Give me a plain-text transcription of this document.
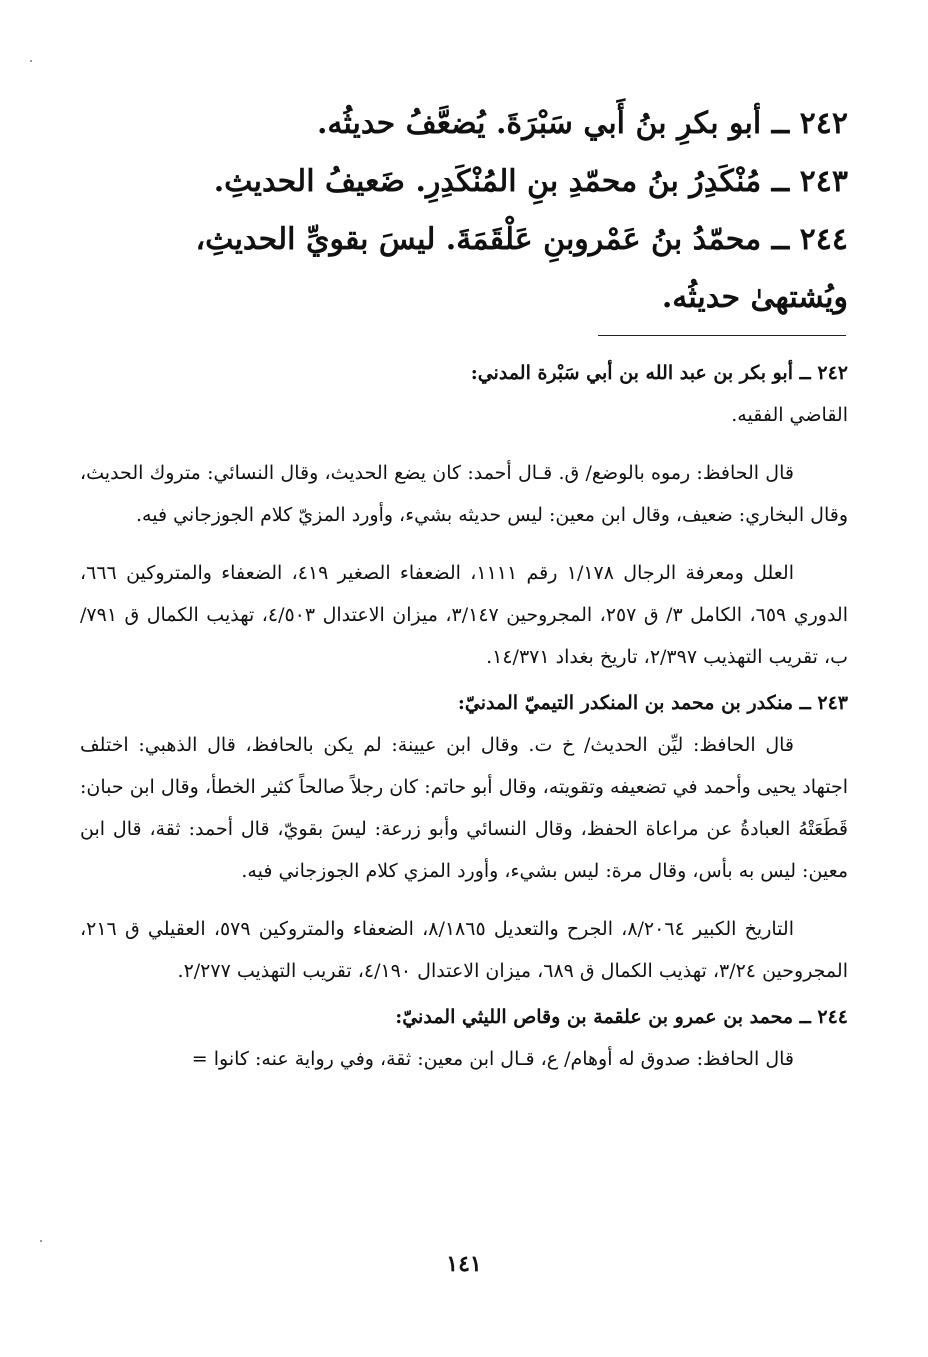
٢٤٢ ــ أبو بكرِ بنُ أَبي سَبْرَةَ. يُضعَّفُ حديثُه.

٢٤٣ ــ مُنْكَدِرُ بنُ محمّدِ بنِ المُنْكَدِرِ. ضَعيفُ الحديثِ.

٢٤٤ ــ محمّدُ بنُ عَمْروبنِ عَلْقَمَةَ. ليسَ بقويِّ الحديثِ، ويُشتهىٰ حديثُه.

٢٤٢ ــ أبو بكر بن عبد الله بن أبي سَبْرة المدني:

القاضي الفقيه.

قال الحافظ: رموه بالوضع/ ق. قـال أحمد: كان يضع الحديث، وقال النسائي: متروك الحديث، وقال البخاري: ضعيف، وقال ابن معين: ليس حديثه بشيء، وأورد المزيّ كلام الجوزجاني فيه.

العلل ومعرفة الرجال ١/١٧٨ رقم ١١١١، الضعفاء الصغير ٤١٩، الضعفاء والمتروكين ٦٦٦، الدوري ٦٥٩، الكامل ٣/ ق ٢٥٧، المجروحين ٣/١٤٧، ميزان الاعتدال ٤/٥٠٣، تهذيب الكمال ق ٧٩١/ب، تقريب التهذيب ٢/٣٩٧، تاريخ بغداد ١٤/٣٧١.

٢٤٣ ــ منكدر بن محمد بن المنكدر التيميّ المدنيّ:

قال الحافظ: ليِّن الحديث/ خ ت. وقال ابن عيينة: لم يكن بالحافظ، قال الذهبي: اختلف اجتهاد يحيى وأحمد في تضعيفه وتقويته، وقال أبو حاتم: كان رجلاً صالحاً كثير الخطأ، وقال ابن حبان: قَطَعَتْهُ العبادةُ عن مراعاة الحفظ، وقال النسائي وأبو زرعة: ليسَ بقويّ، قال أحمد: ثقة، قال ابن معين: ليس به بأس، وقال مرة: ليس بشيء، وأورد المزي كلام الجوزجاني فيه.

التاريخ الكبير ٨/٢٠٦٤، الجرح والتعديل ٨/١٨٦٥، الضعفاء والمتروكين ٥٧٩، العقيلي ق ٢١٦، المجروحين ٣/٢٤، تهذيب الكمال ق ٦٨٩، ميزان الاعتدال ٤/١٩٠، تقريب التهذيب ٢/٢٧٧.

٢٤٤ ــ محمد بن عمرو بن علقمة بن وقاص الليثي المدنيّ:

قال الحافظ: صدوق له أوهام/ ع، قـال ابن معين: ثقة، وفي رواية عنه: كانوا =

١٤١
